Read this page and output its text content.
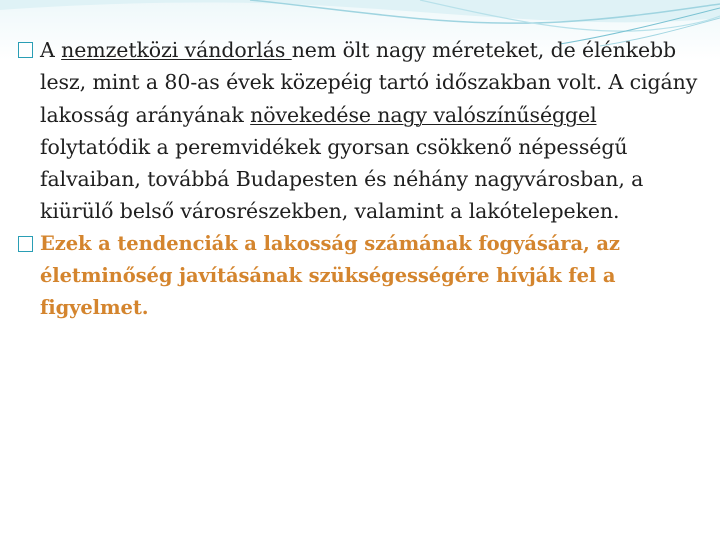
A nemzetközi vándorlás nem ölt nagy méreteket, de élénkebb lesz, mint a 80-as évek közepéig tartó időszakban volt. A cigány lakosság arányának növekedése nagy valószínűséggel folytatódik a peremvidékek gyorsan csökkenő népességű falvaiban, továbbá Budapesten és néhány nagyvárosban, a kiürülő belső városrészekben, valamint a lakótelepeken.
Ezek a tendenciák a lakosság számának fogyására, az életminőség javításának szükségességére hívják fel a figyelmet.
